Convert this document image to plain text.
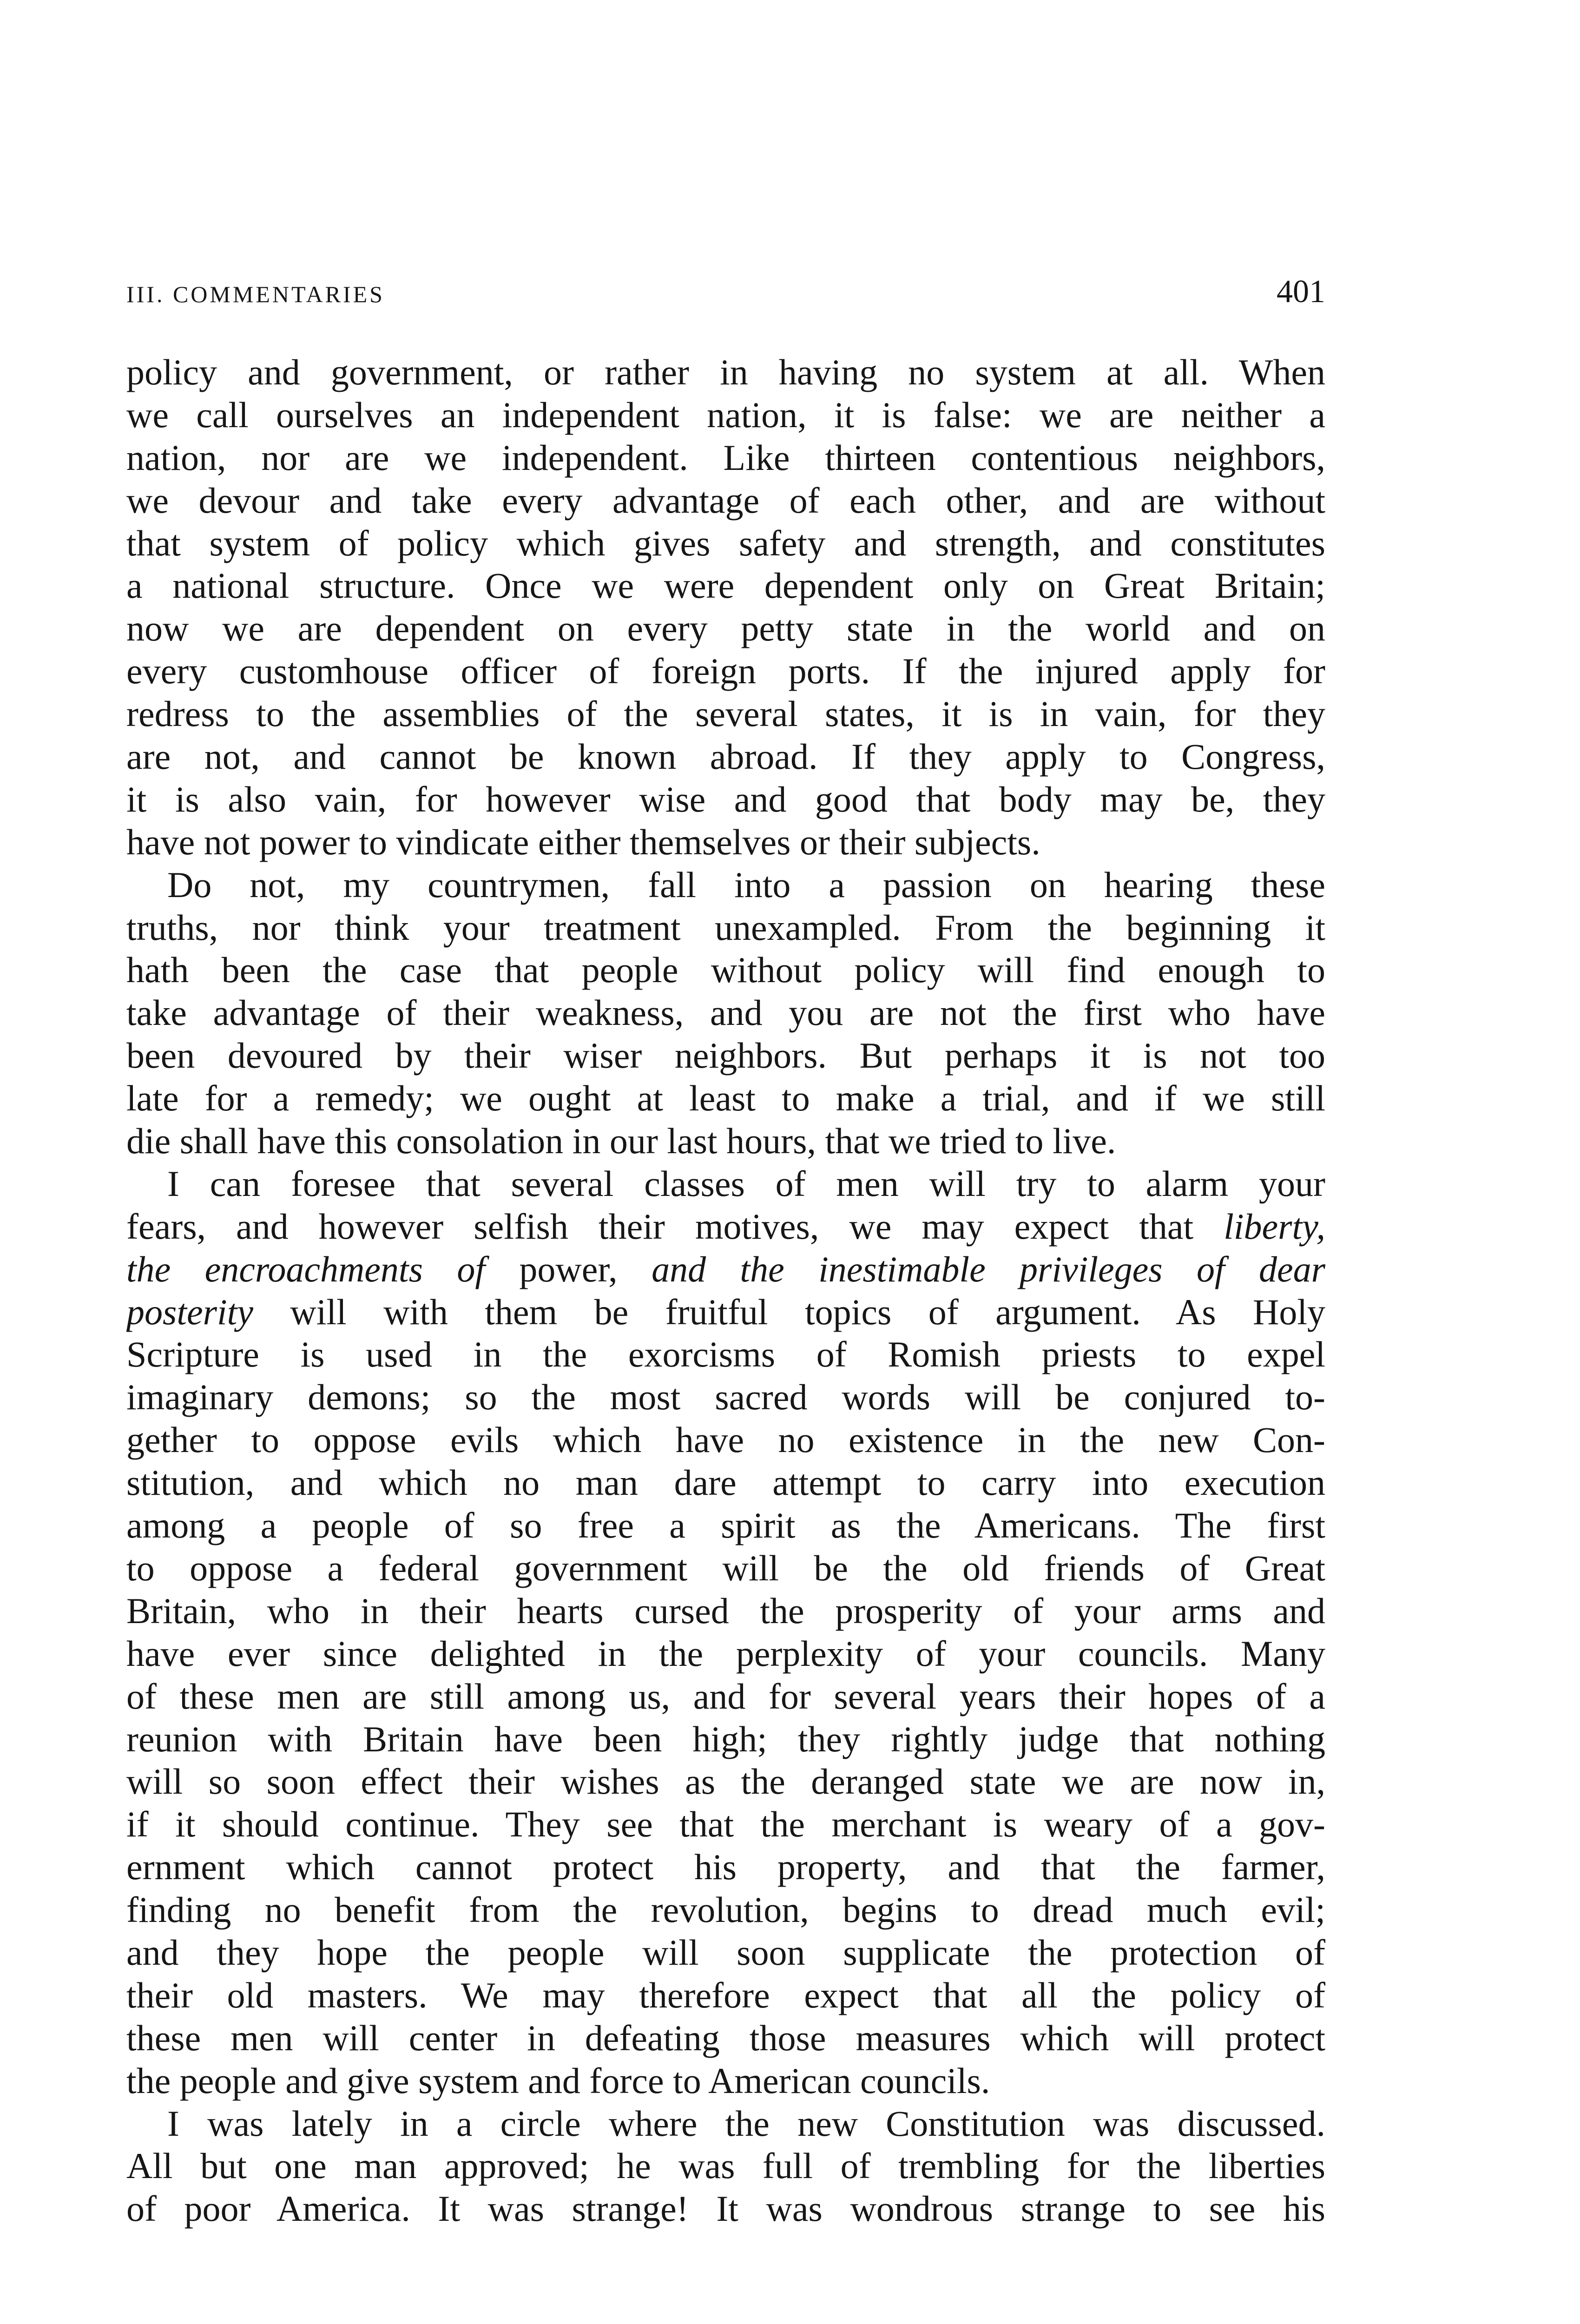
III. COMMENTARIES	401
policy and government, or rather in having no system at all. When
we call ourselves an independent nation, it is false: we are neither a
nation, nor are we independent. Like thirteen contentious neighbors,
we devour and take every advantage of each other, and are without
that system of policy which gives safety and strength, and constitutes
a national structure. Once we were dependent only on Great Britain;
now we are dependent on every petty state in the world and on
every customhouse officer of foreign ports. If the injured apply for
redress to the assemblies of the several states, it is in vain, for they
are not, and cannot be known abroad. If they apply to Congress,
it is also vain, for however wise and good that body may be, they
have not power to vindicate either themselves or their subjects.
Do not, my countrymen, fall into a passion on hearing these
truths, nor think your treatment unexampled. From the beginning it
hath been the case that people without policy will find enough to
take advantage of their weakness, and you are not the first who have
been devoured by their wiser neighbors. But perhaps it is not too
late for a remedy; we ought at least to make a trial, and if we still
die shall have this consolation in our last hours, that we tried to live.
I can foresee that several classes of men will try to alarm your
fears, and however selfish their motives, we may expect that liberty,
the encroachments of power, and the inestimable privileges of dear
posterity will with them be fruitful topics of argument. As Holy
Scripture is used in the exorcisms of Romish priests to expel
imaginary demons; so the most sacred words will be conjured to-
gether to oppose evils which have no existence in the new Con-
stitution, and which no man dare attempt to carry into execution
among a people of so free a spirit as the Americans. The first
to oppose a federal government will be the old friends of Great
Britain, who in their hearts cursed the prosperity of your arms and
have ever since delighted in the perplexity of your councils. Many
of these men are still among us, and for several years their hopes of a
reunion with Britain have been high; they rightly judge that nothing
will so soon effect their wishes as the deranged state we are now in,
if it should continue. They see that the merchant is weary of a gov-
ernment which cannot protect his property, and that the farmer,
finding no benefit from the revolution, begins to dread much evil;
and they hope the people will soon supplicate the protection of
their old masters. We may therefore expect that all the policy of
these men will center in defeating those measures which will protect
the people and give system and force to American councils.
I was lately in a circle where the new Constitution was discussed.
All but one man approved; he was full of trembling for the liberties
of poor America. It was strange! It was wondrous strange to see his
